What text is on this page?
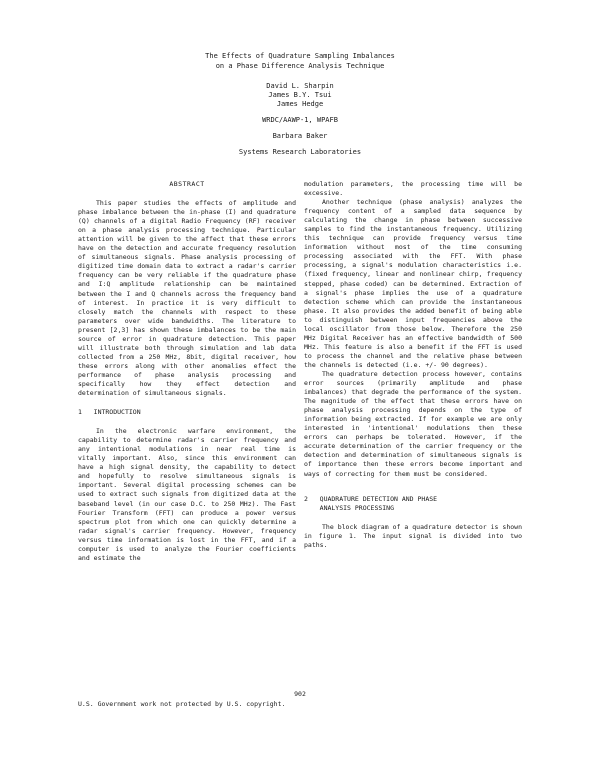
The Effects of Quadrature Sampling Imbalances
on a Phase Difference Analysis Technique
David L. Sharpin
James B.Y. Tsui
James Hedge
WRDC/AAWP-1, WPAFB
Barbara Baker
Systems Research Laboratories
ABSTRACT

This paper studies the effects of amplitude and phase imbalance between the in-phase (I) and quadrature (Q) channels of a digital Radio Frequency (RF) receiver on a phase analysis processing technique. Particular attention will be given to the affect that these errors have on the detection and accurate frequency resolution of simultaneous signals. Phase analysis processing of digitized time domain data to extract a radar's carrier frequency can be very reliable if the quadrature phase and I:Q amplitude relationship can be maintained between the I and Q channels across the frequency band of interest. In practice it is very difficult to closely match the channels with respect to these parameters over wide bandwidths. The literature to present [2,3] has shown these imbalances to be the main source of error in quadrature detection. This paper will illustrate both through simulation and lab data collected from a 250 MHz, 8bit, digital receiver, how these errors along with other anomalies effect the performance of phase analysis processing and specifically how they effect detection and determination of simultaneous signals.

1   INTRODUCTION

In the electronic warfare environment, the capability to determine radar's carrier frequency and any intentional modulations in near real time is vitally important. Also, since this environment can have a high signal density, the capability to detect and hopefully to resolve simultaneous signals is important. Several digital processing schemes can be used to extract such signals from digitized data at the baseband level (in our case D.C. to 250 MHz). The Fast Fourier Transform (FFT) can produce a power versus spectrum plot from which one can quickly determine a radar signal's carrier frequency. However, frequency versus time information is lost in the FFT, and if a computer is used to analyze the Fourier coefficients and estimate the

modulation parameters, the processing time will be excessive.

Another technique (phase analysis) analyzes the frequency content of a sampled data sequence by calculating the change in phase between successive samples to find the instantaneous frequency. Utilizing this technique can provide frequency versus time information without most of the time consuming processing associated with the FFT. With phase processing, a signal's modulation characteristics i.e. (fixed frequency, linear and nonlinear chirp, frequency stepped, phase coded) can be determined. Extraction of a signal's phase implies the use of a quadrature detection scheme which can provide the instantaneous phase. It also provides the added benefit of being able to distinguish between input frequencies above the local oscillator from those below. Therefore the 250 MHz Digital Receiver has an effective bandwidth of 500 MHz. This feature is also a benefit if the FFT is used to process the channel and the relative phase between the channels is detected (i.e. +/- 90 degrees).

The quadrature detection process however, contains error sources (primarily amplitude and phase imbalances) that degrade the performance of the system. The magnitude of the effect that these errors have on phase analysis processing depends on the type of information being extracted. If for example we are only interested in 'intentional' modulations then these errors can perhaps be tolerated. However, if the accurate determination of the carrier frequency or the detection and determination of simultaneous signals is of importance then these errors become important and ways of correcting for them must be considered.

2   QUADRATURE DETECTION AND PHASE
ANALYSIS PROCESSING

The block diagram of a quadrature detector is shown in figure 1. The input signal is divided into two paths.

902
U.S. Government work not protected by U.S. copyright.
